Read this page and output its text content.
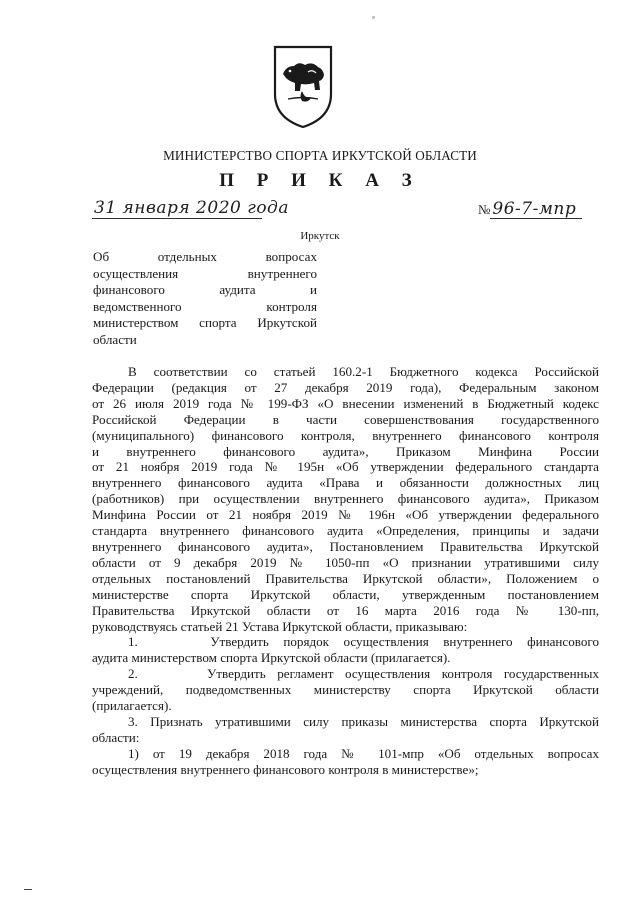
МИНИСТЕРСТВО СПОРТА ИРКУТСКОЙ ОБЛАСТИ
П Р И К А З
31 января 2020 года	№ 96-7-мпр
Иркутск
Об отдельных вопросах
осуществления внутреннего
финансового аудита и
ведомственного контроля
министерством спорта Иркутской
области
В соответствии со статьей 160.2-1 Бюджетного кодекса Российской
Федерации (редакция от 27 декабря 2019 года), Федеральным законом
от 26 июля 2019 года № 199-ФЗ «О внесении изменений в Бюджетный кодекс
Российской Федерации в части совершенствования государственного
(муниципального) финансового контроля, внутреннего финансового контроля
и внутреннего финансового аудита», Приказом Минфина России
от 21 ноября 2019 года № 195н «Об утверждении федерального стандарта
внутреннего финансового аудита «Права и обязанности должностных лиц
(работников) при осуществлении внутреннего финансового аудита», Приказом
Минфина России от 21 ноября 2019 № 196н «Об утверждении федерального
стандарта внутреннего финансового аудита «Определения, принципы и задачи
внутреннего финансового аудита», Постановлением Правительства Иркутской
области от 9 декабря 2019 № 1050-пп «О признании утратившими силу
отдельных постановлений Правительства Иркутской области», Положением о
министерстве спорта Иркутской области, утвержденным постановлением
Правительства Иркутской области от 16 марта 2016 года № 130-пп,
руководствуясь статьей 21 Устава Иркутской области, приказываю:
1.     Утвердить порядок осуществления внутреннего финансового
аудита министерством спорта Иркутской области (прилагается).
2.      Утвердить регламент осуществления контроля государственных
учреждений, подведомственных министерству спорта Иркутской области
(прилагается).
3. Признать утратившими силу приказы министерства спорта Иркутской
области:
1) от 19 декабря 2018 года № 101-мпр «Об отдельных вопросах
осуществления внутреннего финансового контроля в министерстве»;
